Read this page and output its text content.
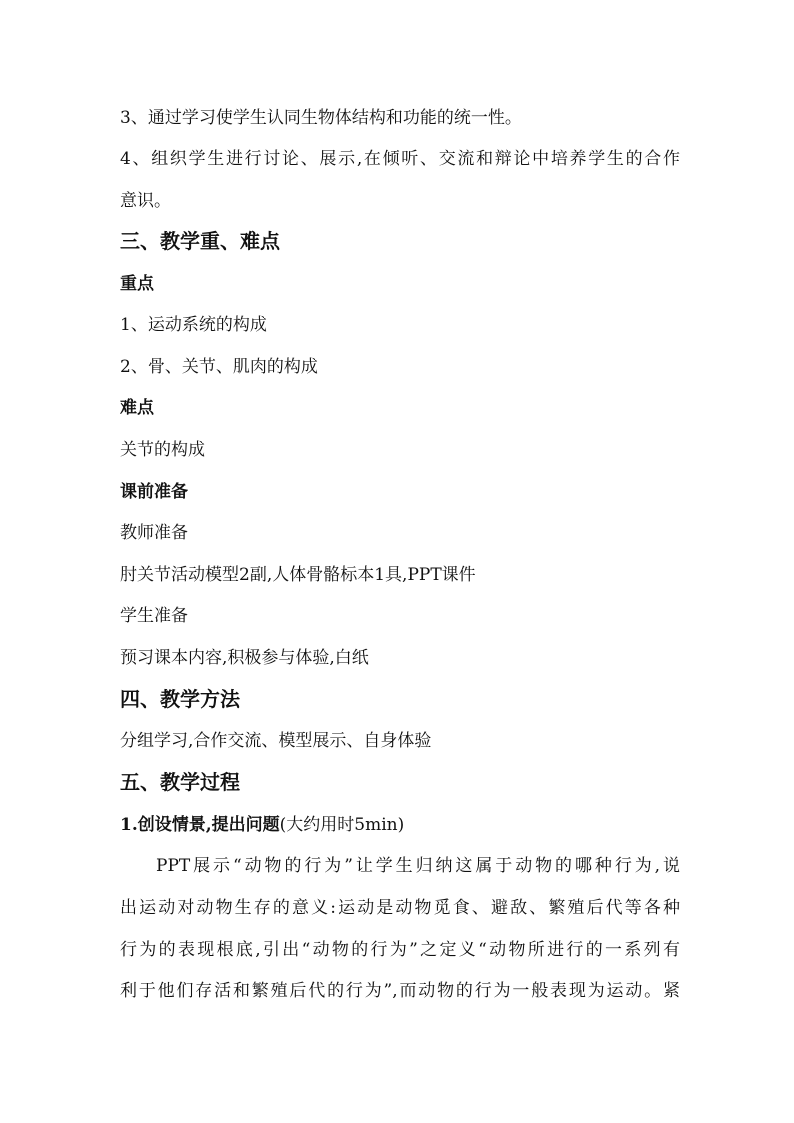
3、通过学习使学生认同生物体结构和功能的统一性。
4、组织学生进行讨论、展示,在倾听、交流和辩论中培养学生的合作
意识。
三、教学重、难点
重点
1、运动系统的构成
2、骨、关节、肌肉的构成
难点
关节的构成
课前准备
教师准备
肘关节活动模型2副,人体骨骼标本1具,PPT课件
学生准备
预习课本内容,积极参与体验,白纸
四、教学方法
分组学习,合作交流、模型展示、自身体验
五、教学过程
1.创设情景,提出问题(大约用时5min)
PPT展示“动物的行为”让学生归纳这属于动物的哪种行为,说
出运动对动物生存的意义:运动是动物觅食、避敌、繁殖后代等各种
行为的表现根底,引出“动物的行为”之定义“动物所进行的一系列有
利于他们存活和繁殖后代的行为”,而动物的行为一般表现为运动。紧
